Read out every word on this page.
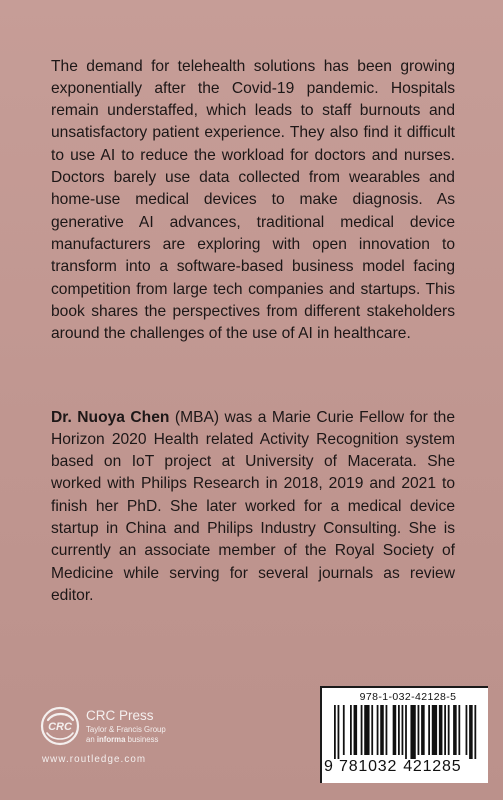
The demand for telehealth solutions has been growing exponentially after the Covid-19 pandemic. Hospitals remain understaffed, which leads to staff burnouts and unsatisfactory patient experience. They also find it difficult to use AI to reduce the workload for doctors and nurses. Doctors barely use data collected from wearables and home-use medical devices to make diagnosis. As generative AI advances, traditional medical device manufacturers are exploring with open innovation to transform into a software-based business model facing competition from large tech companies and startups. This book shares the perspectives from different stakeholders around the challenges of the use of AI in healthcare.

Dr. Nuoya Chen (MBA) was a Marie Curie Fellow for the Horizon 2020 Health related Activity Recognition system based on IoT project at University of Macerata. She worked with Philips Research in 2018, 2019 and 2021 to finish her PhD. She later worked for a medical device startup in China and Philips Industry Consulting. She is currently an associate member of the Royal Society of Medicine while serving for several journals as review editor.

CRC
CRC Press
Taylor & Francis Group
an informa business
www.routledge.com
978-1-032-42128-5
9 781032 421285
